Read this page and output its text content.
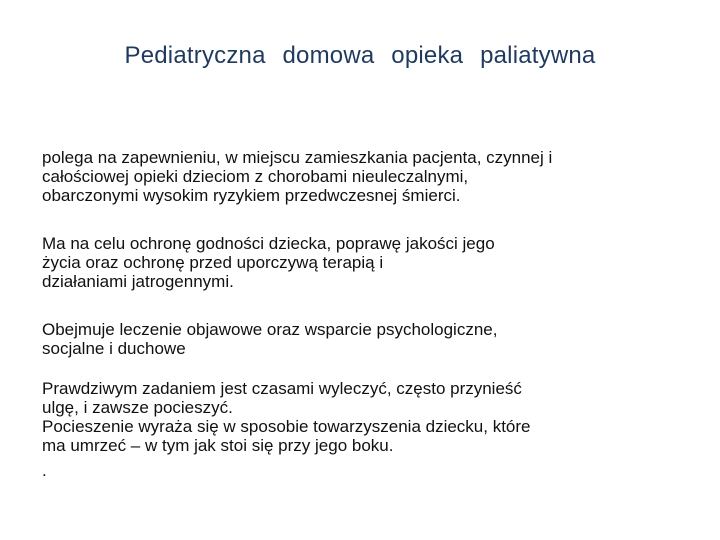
Pediatryczna domowa opieka paliatywna
polega na zapewnieniu, w miejscu zamieszkania pacjenta, czynnej i
całościowej opieki dzieciom z chorobami nieuleczalnymi,
obarczonymi wysokim ryzykiem przedwczesnej śmierci.
Ma na celu ochronę godności dziecka, poprawę jakości jego
życia oraz ochronę przed uporczywą terapią i
działaniami jatrogennymi.
Obejmuje leczenie objawowe oraz wsparcie psychologiczne,
socjalne i duchowe
Prawdziwym zadaniem jest czasami wyleczyć, często przynieść
ulgę, i zawsze pocieszyć.
Pocieszenie wyraża się w sposobie towarzyszenia dziecku, które
ma umrzeć – w tym jak stoi się przy jego boku.
.
